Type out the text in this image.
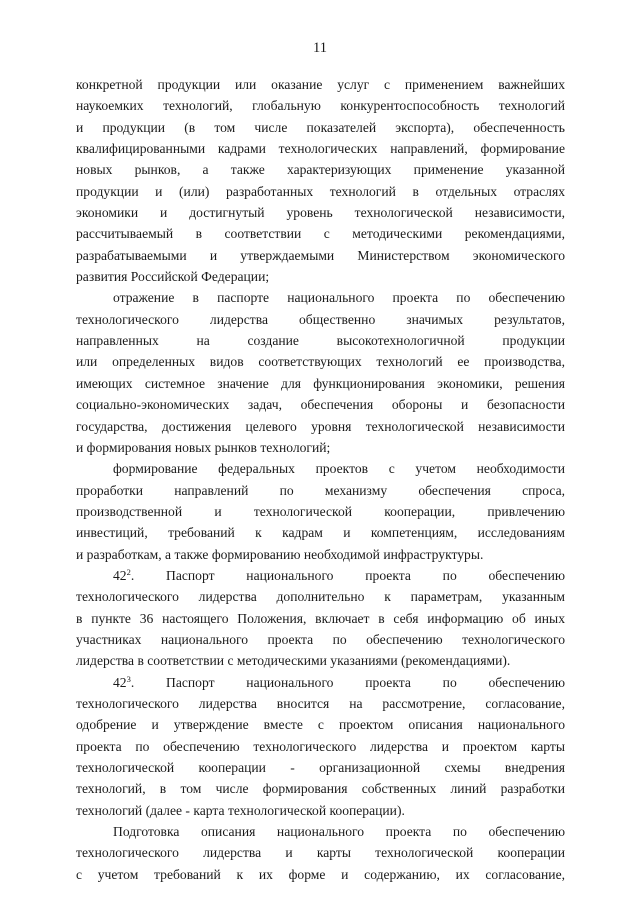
11
конкретной продукции или оказание услуг с применением важнейших
наукоемких технологий, глобальную конкурентоспособность технологий
и продукции (в том числе показателей экспорта), обеспеченность
квалифицированными кадрами технологических направлений, формирование
новых рынков, а также характеризующих применение указанной
продукции и (или) разработанных технологий в отдельных отраслях
экономики и достигнутый уровень технологической независимости,
рассчитываемый в соответствии с методическими рекомендациями,
разрабатываемыми и утверждаемыми Министерством экономического
развития Российской Федерации;
отражение в паспорте национального проекта по обеспечению
технологического лидерства общественно значимых результатов,
направленных на создание высокотехнологичной продукции
или определенных видов соответствующих технологий ее производства,
имеющих системное значение для функционирования экономики, решения
социально-экономических задач, обеспечения обороны и безопасности
государства, достижения целевого уровня технологической независимости
и формирования новых рынков технологий;
формирование федеральных проектов с учетом необходимости
проработки направлений по механизму обеспечения спроса,
производственной и технологической кооперации, привлечению
инвестиций, требований к кадрам и компетенциям, исследованиям
и разработкам, а также формированию необходимой инфраструктуры.
$42^2$. Паспорт национального проекта по обеспечению
технологического лидерства дополнительно к параметрам, указанным
в пункте 36 настоящего Положения, включает в себя информацию об иных
участниках национального проекта по обеспечению технологического
лидерства в соответствии с методическими указаниями (рекомендациями).
$42^3$. Паспорт национального проекта по обеспечению
технологического лидерства вносится на рассмотрение, согласование,
одобрение и утверждение вместе с проектом описания национального
проекта по обеспечению технологического лидерства и проектом карты
технологической кооперации - организационной схемы внедрения
технологий, в том числе формирования собственных линий разработки
технологий (далее - карта технологической кооперации).
Подготовка описания национального проекта по обеспечению
технологического лидерства и карты технологической кооперации
с учетом требований к их форме и содержанию, их согласование,
